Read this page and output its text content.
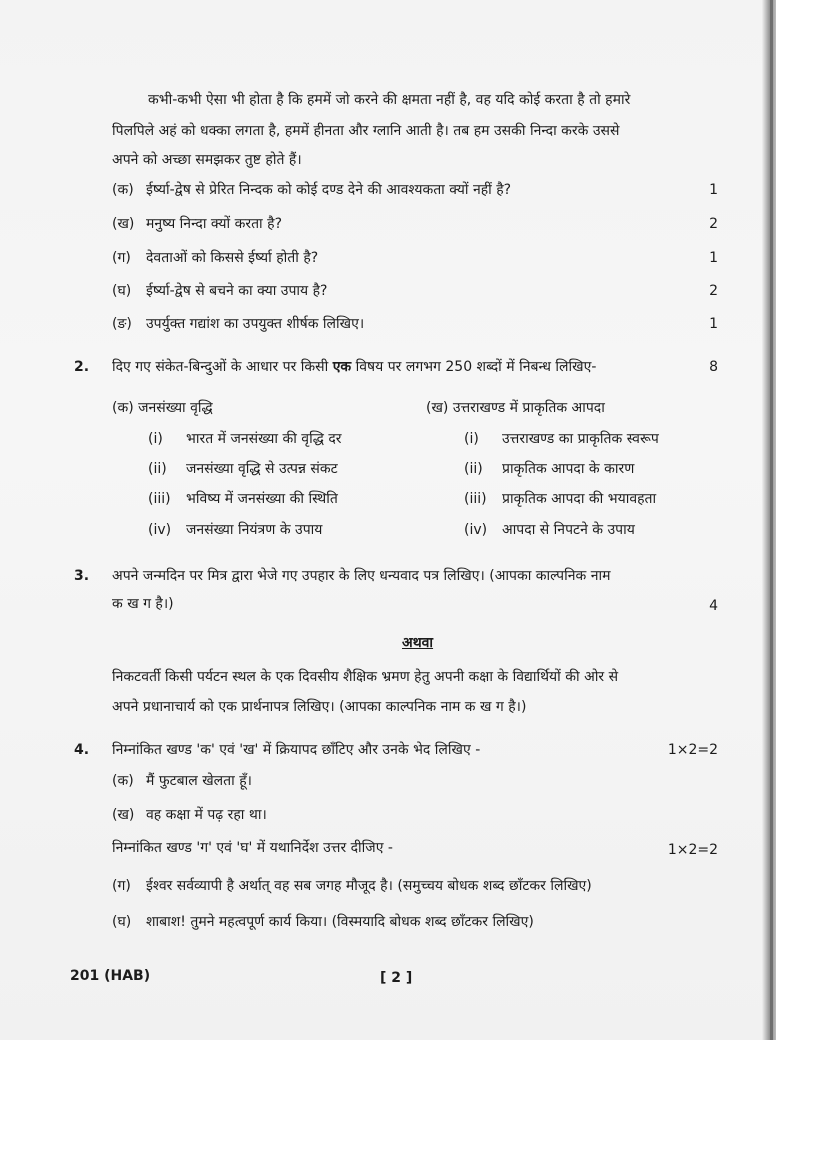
कभी-कभी ऐसा भी होता है कि हममें जो करने की क्षमता नहीं है, वह यदि कोई करता है तो हमारे
पिलपिले अहं को धक्का लगता है, हममें हीनता और ग्लानि आती है। तब हम उसकी निन्दा करके उससे
अपने को अच्छा समझकर तुष्ट होते हैं।
(क) ईर्ष्या-द्वेष से प्रेरित निन्दक को कोई दण्ड देने की आवश्यकता क्यों नहीं है?	1
(ख) मनुष्य निन्दा क्यों करता है?	2
(ग) देवताओं को किससे ईर्ष्या होती है?	1
(घ) ईर्ष्या-द्वेष से बचने का क्या उपाय है?	2
(ङ) उपर्युक्त गद्यांश का उपयुक्त शीर्षक लिखिए।	1
2. दिए गए संकेत-बिन्दुओं के आधार पर किसी एक विषय पर लगभग 250 शब्दों में निबन्ध लिखिए-	8
(क) जनसंख्या वृद्धि	(ख) उत्तराखण्ड में प्राकृतिक आपदा
(i) भारत में जनसंख्या की वृद्धि दर	(i) उत्तराखण्ड का प्राकृतिक स्वरूप
(ii) जनसंख्या वृद्धि से उत्पन्न संकट	(ii) प्राकृतिक आपदा के कारण
(iii) भविष्य में जनसंख्या की स्थिति	(iii) प्राकृतिक आपदा की भयावहता
(iv) जनसंख्या नियंत्रण के उपाय	(iv) आपदा से निपटने के उपाय
3. अपने जन्मदिन पर मित्र द्वारा भेजे गए उपहार के लिए धन्यवाद पत्र लिखिए। (आपका काल्पनिक नाम
क ख ग है।)	4
अथवा
निकटवर्ती किसी पर्यटन स्थल के एक दिवसीय शैक्षिक भ्रमण हेतु अपनी कक्षा के विद्यार्थियों की ओर से
अपने प्रधानाचार्य को एक प्रार्थनापत्र लिखिए। (आपका काल्पनिक नाम क ख ग है।)
4. निम्नांकित खण्ड 'क' एवं 'ख' में क्रियापद छाँटिए और उनके भेद लिखिए -	1×2=2
(क) मैं फुटबाल खेलता हूँ।
(ख) वह कक्षा में पढ़ रहा था।
निम्नांकित खण्ड 'ग' एवं 'घ' में यथानिर्देश उत्तर दीजिए -	1×2=2
(ग) ईश्वर सर्वव्यापी है अर्थात् वह सब जगह मौजूद है। (समुच्चय बोधक शब्द छाँटकर लिखिए)
(घ) शाबाश! तुमने महत्वपूर्ण कार्य किया। (विस्मयादि बोधक शब्द छाँटकर लिखिए)
201 (HAB)	[ 2 ]
